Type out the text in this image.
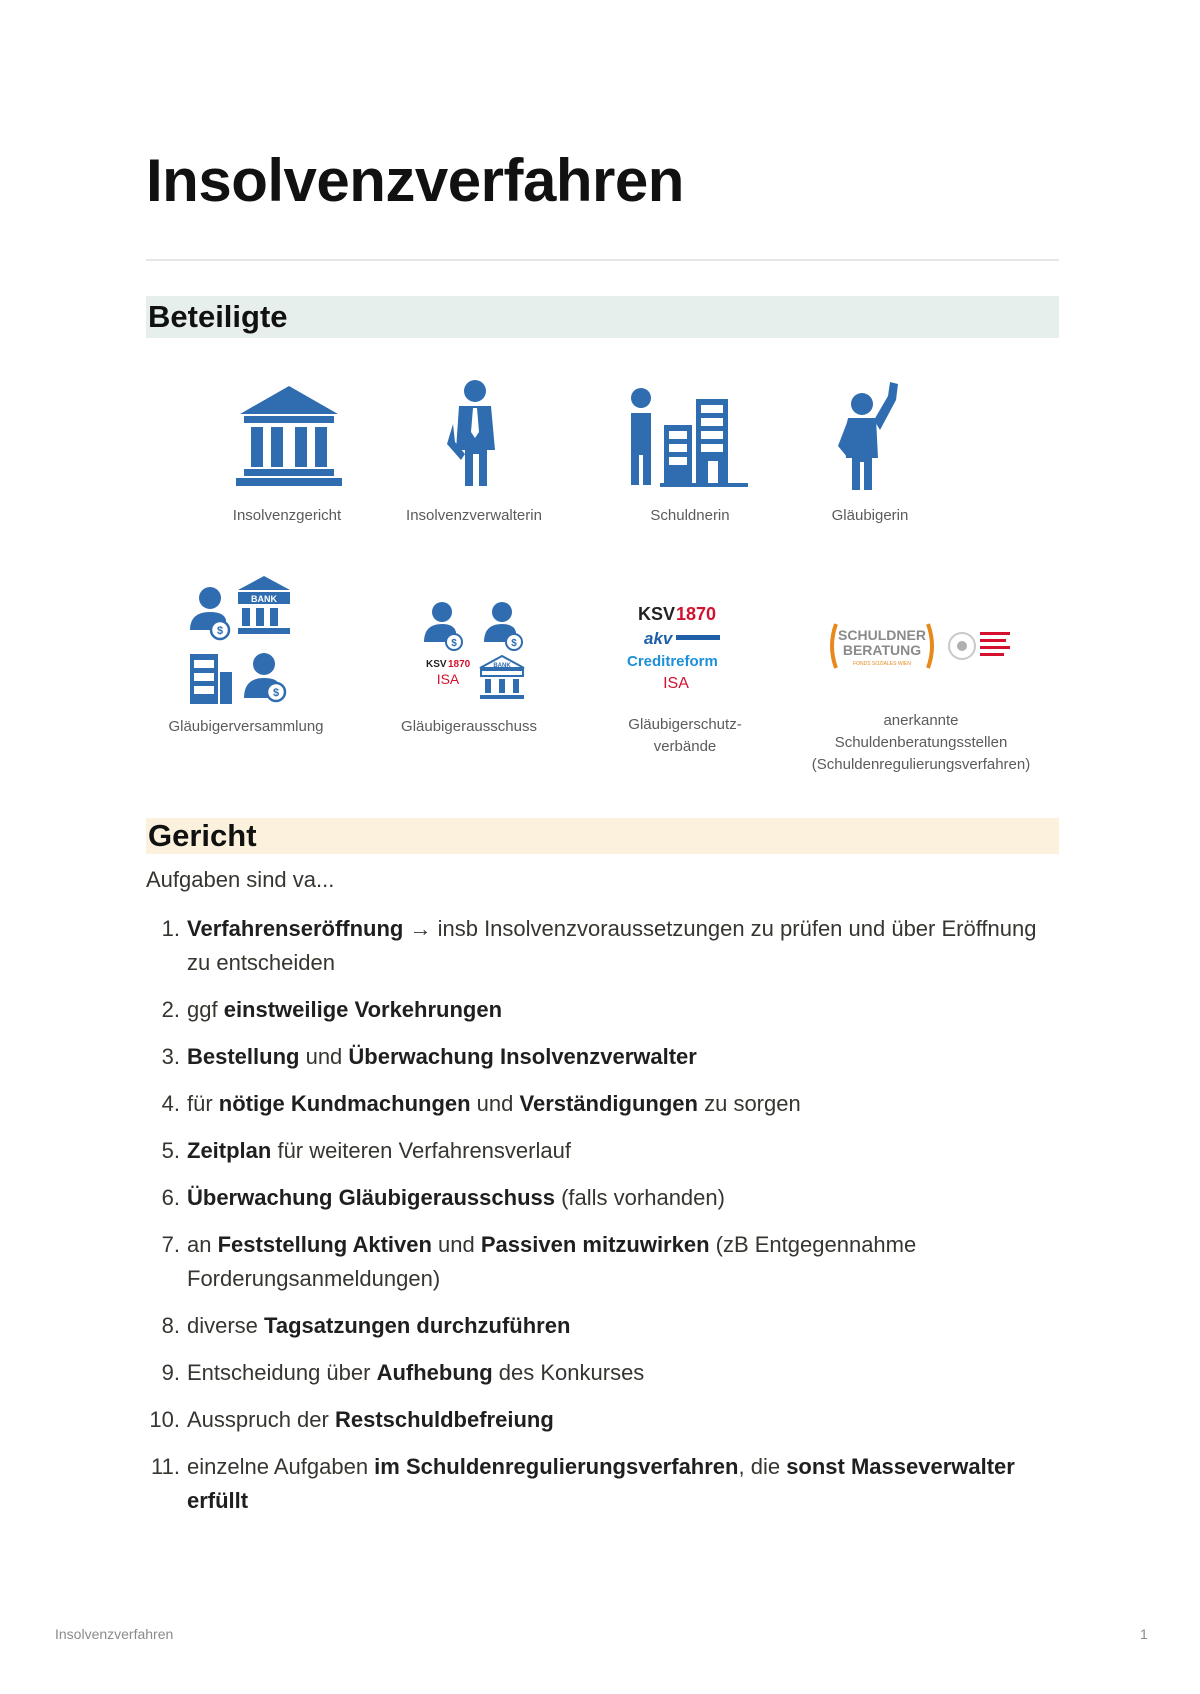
Insolvenzverfahren
Beteiligte
Insolvenzgericht	Insolvenzverwalterin	Schuldnerin	Gläubigerin
$
$
BANK
$	$
BANK
KSV 1870
ISA
KSV 1870
akv
Creditreform
ISA
SCHULDNER
BERATUNG
FONDS SOZIALES WIEN
Gläubigerversammlung	Gläubigerausschuss	Gläubigerschutz-
verbände
anerkannte
Schuldenberatungsstellen
(Schuldenregulierungsverfahren)
Gericht
Aufgaben sind va...
1. Verfahrenseröffnung → insb Insolvenzvoraussetzungen zu prüfen und über Eröffnung zu entscheiden
2. ggf einstweilige Vorkehrungen
3. Bestellung und Überwachung Insolvenzverwalter
4. für nötige Kundmachungen und Verständigungen zu sorgen
5. Zeitplan für weiteren Verfahrensverlauf
6. Überwachung Gläubigerausschuss (falls vorhanden)
7. an Feststellung Aktiven und Passiven mitzuwirken (zB Entgegennahme Forderungsanmeldungen)
8. diverse Tagsatzungen durchzuführen
9. Entscheidung über Aufhebung des Konkurses
10. Ausspruch der Restschuldbefreiung
11. einzelne Aufgaben im Schuldenregulierungsverfahren, die sonst Masseverwalter erfüllt
Insolvenzverfahren	1
